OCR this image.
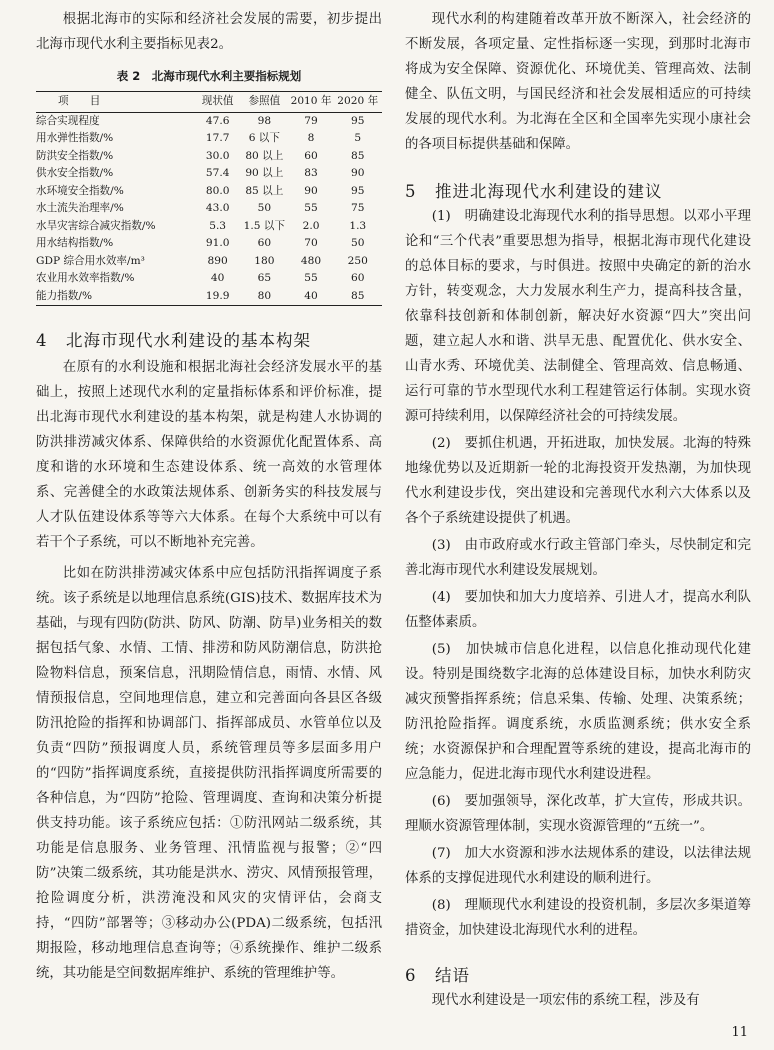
根据北海市的实际和经济社会发展的需要，初步提出北海市现代水利主要指标见表2。

表 2　北海市现代水利主要指标规划
项　　目	现状值	参照值	2010 年	2020 年
综合实现程度	47.6	98	79	95
用水弹性指数/%	17.7	6 以下	8	5
防洪安全指数/%	30.0	80 以上	60	85
供水安全指数/%	57.4	90 以上	83	90
水环境安全指数/%	80.0	85 以上	90	95
水土流失治理率/%	43.0	50	55	75
水旱灾害综合减灾指数/%	5.3	1.5 以下	2.0	1.3
用水结构指数/%	91.0	60	70	50
GDP 综合用水效率/m³	890	180	480	250
农业用水效率指数/%	40	65	55	60
能力指数/%	19.9	80	40	85
4 北海市现代水利建设的基本构架

在原有的水利设施和根据北海社会经济发展水平的基础上，按照上述现代水利的定量指标体系和评价标准，提出北海市现代水利建设的基本构架，就是构建人水协调的防洪排涝减灾体系、保障供给的水资源优化配置体系、高度和谐的水环境和生态建设体系、统一高效的水管理体系、完善健全的水政策法规体系、创新务实的科技发展与人才队伍建设体系等等六大体系。在每个大系统中可以有若干个子系统，可以不断地补充完善。

比如在防洪排涝减灾体系中应包括防汛指挥调度子系统。该子系统是以地理信息系统(GIS)技术、数据库技术为基础，与现有四防(防洪、防风、防潮、防旱)业务相关的数据包括气象、水情、工情、排涝和防风防潮信息，防洪抢险物料信息，预案信息，汛期险情信息，雨情、水情、风情预报信息，空间地理信息，建立和完善面向各县区各级防汛抢险的指挥和协调部门、指挥部成员、水管单位以及负责“四防”预报调度人员，系统管理员等多层面多用户的“四防”指挥调度系统，直接提供防汛指挥调度所需要的各种信息，为“四防”抢险、管理调度、查询和决策分析提供支持功能。该子系统应包括：①防汛网站二级系统，其功能是信息服务、业务管理、汛情监视与报警；②“四防”决策二级系统，其功能是洪水、涝灾、风情预报管理，抢险调度分析，洪涝淹没和风灾的灾情评估，会商支持，“四防”部署等；③移动办公(PDA)二级系统，包括汛期报险，移动地理信息查询等；④系统操作、维护二级系统，其功能是空间数据库维护、系统的管理维护等。

现代水利的构建随着改革开放不断深入，社会经济的不断发展，各项定量、定性指标逐一实现，到那时北海市将成为安全保障、资源优化、环境优美、管理高效、法制健全、队伍文明，与国民经济和社会发展相适应的可持续发展的现代水利。为北海在全区和全国率先实现小康社会的各项目标提供基础和保障。

5 推进北海现代水利建设的建议

(1)　明确建设北海现代水利的指导思想。以邓小平理论和“三个代表”重要思想为指导，根据北海市现代化建设的总体目标的要求，与时俱进。按照中央确定的新的治水方针，转变观念，大力发展水利生产力，提高科技含量，依靠科技创新和体制创新，解决好水资源“四大”突出问题，建立起人水和谐、洪旱无患、配置优化、供水安全、山青水秀、环境优美、法制健全、管理高效、信息畅通、运行可靠的节水型现代水利工程建管运行体制。实现水资源可持续利用，以保障经济社会的可持续发展。

(2)　要抓住机遇，开拓进取，加快发展。北海的特殊地缘优势以及近期新一轮的北海投资开发热潮，为加快现代水利建设步伐，突出建设和完善现代水利六大体系以及各个子系统建设提供了机遇。

(3)　由市政府或水行政主管部门牵头，尽快制定和完善北海市现代水利建设发展规划。

(4)　要加快和加大力度培养、引进人才，提高水利队伍整体素质。

(5)　加快城市信息化进程，以信息化推动现代化建设。特别是围绕数字北海的总体建设目标，加快水利防灾减灾预警指挥系统；信息采集、传输、处理、决策系统；防汛抢险指挥。调度系统，水质监测系统；供水安全系统；水资源保护和合理配置等系统的建设，提高北海市的应急能力，促进北海市现代水利建设进程。

(6)　要加强领导，深化改革，扩大宣传，形成共识。理顺水资源管理体制，实现水资源管理的“五统一”。

(7)　加大水资源和涉水法规体系的建设，以法律法规体系的支撑促进现代水利建设的顺利进行。

(8)　理顺现代水利建设的投资机制，多层次多渠道筹措资金，加快建设北海现代水利的进程。

6 结语

现代水利建设是一项宏伟的系统工程，涉及有

11
